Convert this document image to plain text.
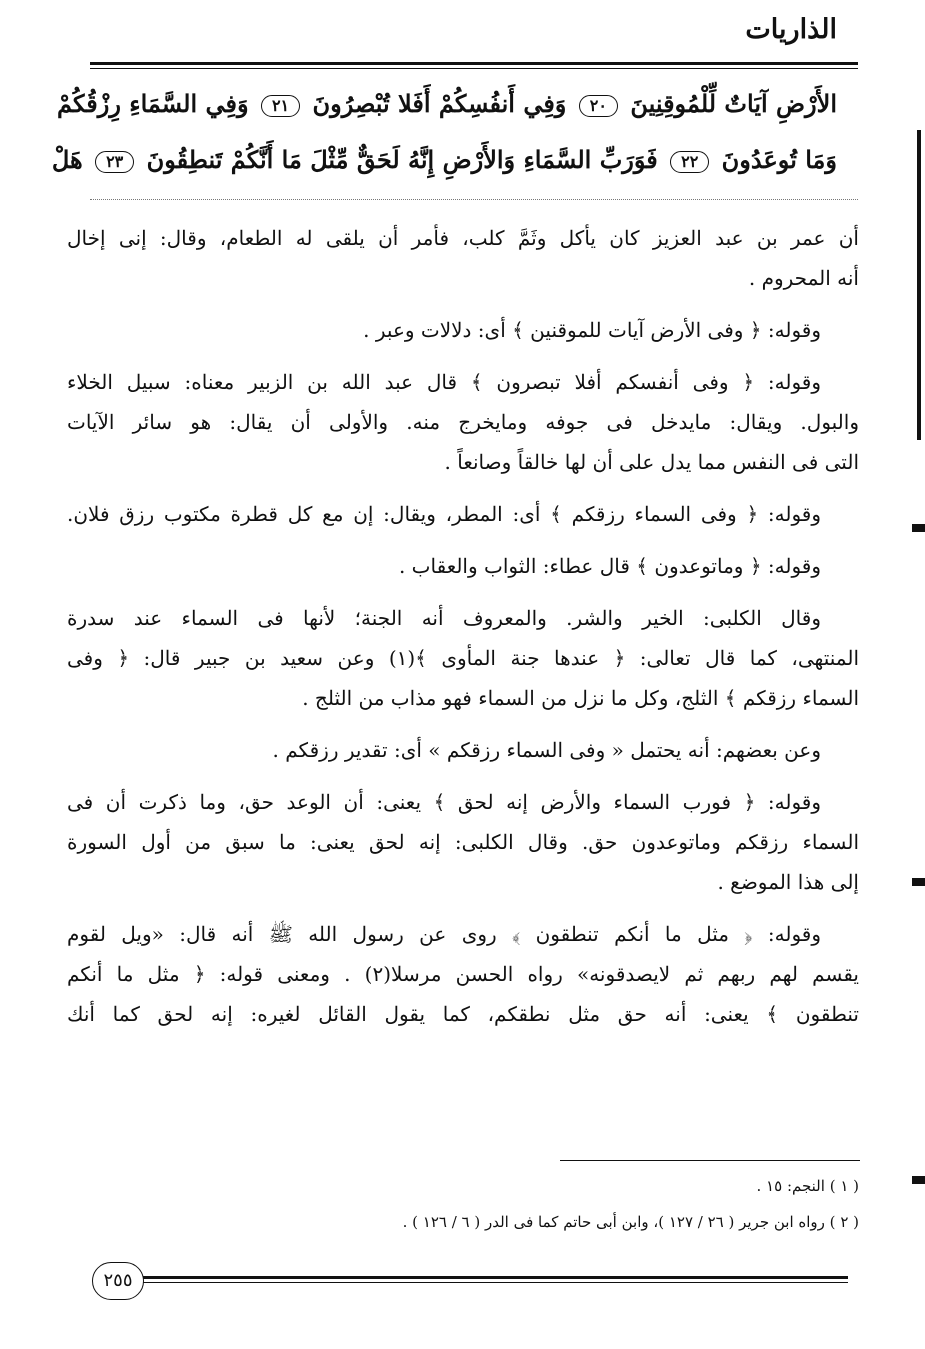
الذاريات
الأَرْضِ آيَاتٌ لِّلْمُوقِنِينَ ٢٠ وَفِي أَنفُسِكُمْ أَفَلا تُبْصِرُونَ ٢١ وَفِي السَّمَاءِ رِزْقُكُمْ
وَمَا تُوعَدُونَ ٢٢ فَوَرَبِّ السَّمَاءِ وَالأَرْضِ إِنَّهُ لَحَقٌّ مِّثْلَ مَا أَنَّكُمْ تَنطِقُونَ ٢٣ هَلْ
أن عمر بن عبد العزيز كان يأكل وثَمَّ كلب، فأمر أن يلقى له الطعام، وقال: إنى إخال
أنه المحروم .
وقوله: ﴿ وفى الأرض آيات للموقنين ﴾ أى: دلالات وعبر .
وقوله: ﴿ وفى أنفسكم أفلا تبصرون ﴾ قال عبد الله بن الزبير معناه: سبيل الخلاء
والبول. ويقال: مايدخل فى جوفه ومايخرج منه. والأولى أن يقال: هو سائر الآيات
التى فى النفس مما يدل على أن لها خالقاً وصانعاً .
وقوله: ﴿ وفى السماء رزقكم ﴾ أى: المطر، ويقال: إن مع كل قطرة مكتوب رزق فلان.
وقوله: ﴿ وماتوعدون ﴾ قال عطاء: الثواب والعقاب .
وقال الكلبى: الخير والشر. والمعروف أنه الجنة؛ لأنها فى السماء عند سدرة
المنتهى، كما قال تعالى: ﴿ عندها جنة المأوى ﴾(١) وعن سعيد بن جبير قال: ﴿ وفى
السماء رزقكم ﴾ الثلج، وكل ما نزل من السماء فهو مذاب من الثلج .
وعن بعضهم: أنه يحتمل « وفى السماء رزقكم » أى: تقدير رزقكم .
وقوله: ﴿ فورب السماء والأرض إنه لحق ﴾ يعنى: أن الوعد حق، وما ذكرت أن فى
السماء رزقكم وماتوعدون حق. وقال الكلبى: إنه لحق يعنى: ما سبق من أول السورة
إلى هذا الموضع .
وقوله: ﴿ مثل ما أنكم تنطقون ﴾ روى عن رسول الله ﷺ أنه قال: «ويل لقوم
يقسم لهم ربهم ثم لايصدقونه» رواه الحسن مرسلا(٢) . ومعنى قوله: ﴿ مثل ما أنكم
تنطقون ﴾ يعنى: أنه حق مثل نطقكم، كما يقول القائل لغيره: إنه لحق كما أنك
( ١ ) النجم: ١٥ .
( ٢ ) رواه ابن جرير ( ٢٦ / ١٢٧ )، وابن أبى حاتم كما فى الدر ( ٦ / ١٢٦ ) .
٢٥٥
